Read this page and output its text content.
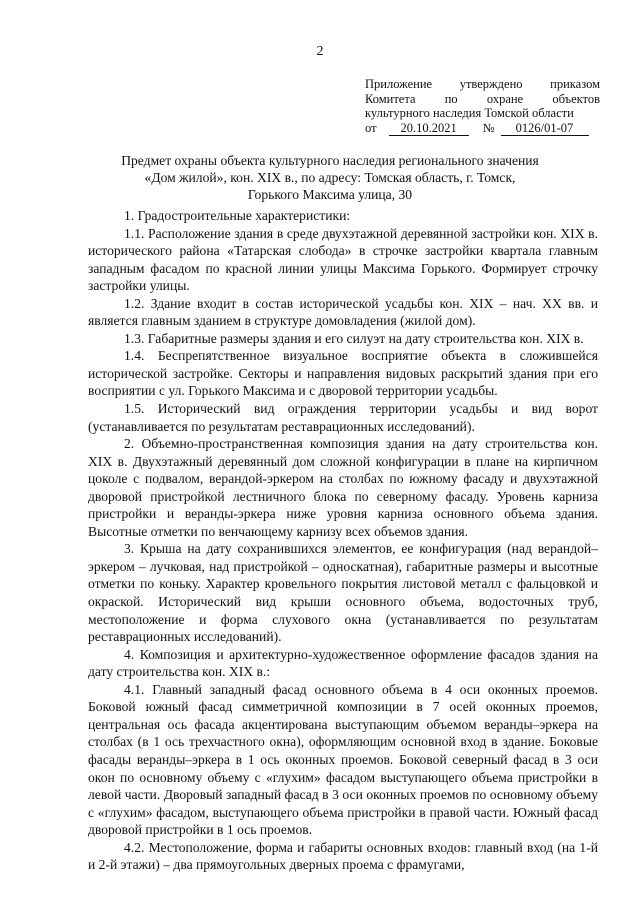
2
Приложение утверждено приказом
Комитета по охране объектов
культурного наследия Томской области
от	20.10.2021	№	0126/01-07
Предмет охраны объекта культурного наследия регионального значения
«Дом жилой», кон. XIX в., по адресу: Томская область, г. Томск,
Горького Максима улица, 30

1. Градостроительные характеристики:

1.1. Расположение здания в среде двухэтажной деревянной застройки кон. XIX в. исторического района «Татарская слобода» в строчке застройки квартала главным западным фасадом по красной линии улицы Максима Горького. Формирует строчку застройки улицы.

1.2. Здание входит в состав исторической усадьбы кон. XIX – нач. XX вв. и является главным зданием в структуре домовладения (жилой дом).

1.3. Габаритные размеры здания и его силуэт на дату строительства кон. XIX в.

1.4. Беспрепятственное визуальное восприятие объекта в сложившейся исторической застройке. Секторы и направления видовых раскрытий здания при его восприятии с ул. Горького Максима и с дворовой территории усадьбы.

1.5. Исторический вид ограждения территории усадьбы и вид ворот (устанавливается по результатам реставрационных исследований).

2. Объемно-пространственная композиция здания на дату строительства кон. XIX в. Двухэтажный деревянный дом сложной конфигурации в плане на кирпичном цоколе с подвалом, верандой-эркером на столбах по южному фасаду и двухэтажной дворовой пристройкой лестничного блока по северному фасаду. Уровень карниза пристройки и веранды-эркера ниже уровня карниза основного объема здания. Высотные отметки по венчающему карнизу всех объемов здания.

3. Крыша на дату сохранившихся элементов, ее конфигурация (над верандой–эркером – лучковая, над пристройкой – односкатная), габаритные размеры и высотные отметки по коньку. Характер кровельного покрытия листовой металл с фальцовкой и окраской. Исторический вид крыши основного объема, водосточных труб, местоположение и форма слухового окна (устанавливается по результатам реставрационных исследований).

4. Композиция и архитектурно-художественное оформление фасадов здания на дату строительства кон. XIX в.:

4.1. Главный западный фасад основного объема в 4 оси оконных проемов. Боковой южный фасад симметричной композиции в 7 осей оконных проемов, центральная ось фасада акцентирована выступающим объемом веранды–эркера на столбах (в 1 ось трехчастного окна), оформляющим основной вход в здание. Боковые фасады веранды–эркера в 1 ось оконных проемов. Боковой северный фасад в 3 оси окон по основному объему с «глухим» фасадом выступающего объема пристройки в левой части. Дворовый западный фасад в 3 оси оконных проемов по основному объему с «глухим» фасадом, выступающего объема пристройки в правой части. Южный фасад дворовой пристройки в 1 ось проемов.

4.2. Местоположение, форма и габариты основных входов: главный вход (на 1-й и 2-й этажи) – два прямоугольных дверных проема с фрамугами,
